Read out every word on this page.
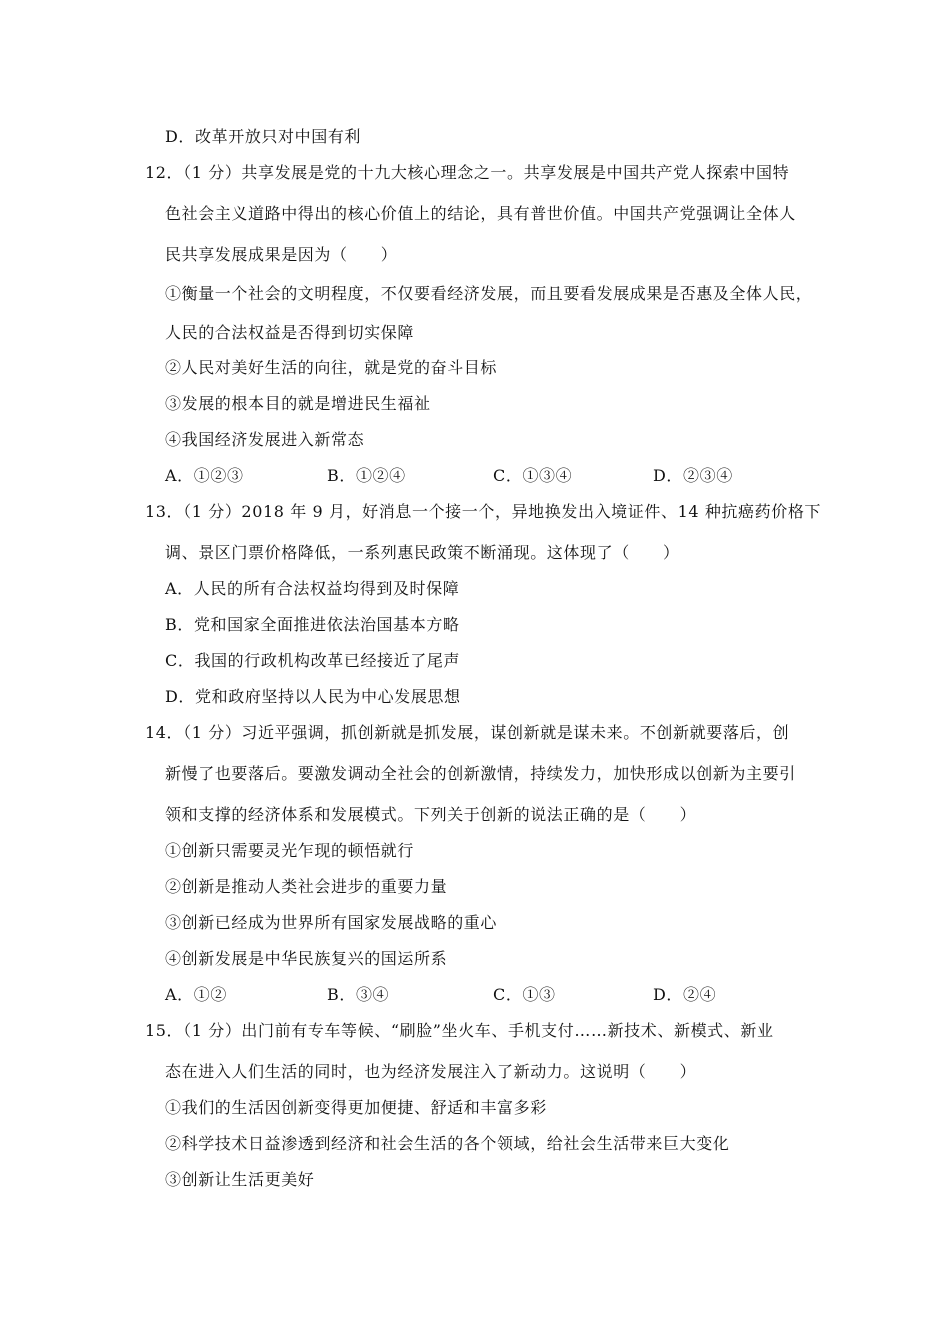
D．改革开放只对中国有利
12．（1 分）共享发展是党的十九大核心理念之一。共享发展是中国共产党人探索中国特
色社会主义道路中得出的核心价值上的结论，具有普世价值。中国共产党强调让全体人
民共享发展成果是因为（　　）
①衡量一个社会的文明程度，不仅要看经济发展，而且要看发展成果是否惠及全体人民，
人民的合法权益是否得到切实保障
②人民对美好生活的向往，就是党的奋斗目标
③发展的根本目的就是增进民生福祉
④我国经济发展进入新常态
A．①②③	B．①②④	C．①③④	D．②③④
13．（1 分）2018 年 9 月，好消息一个接一个，异地换发出入境证件、14 种抗癌药价格下
调、景区门票价格降低，一系列惠民政策不断涌现。这体现了（　　）
A．人民的所有合法权益均得到及时保障
B．党和国家全面推进依法治国基本方略
C．我国的行政机构改革已经接近了尾声
D．党和政府坚持以人民为中心发展思想
14．（1 分）习近平强调，抓创新就是抓发展，谋创新就是谋未来。不创新就要落后，创
新慢了也要落后。要激发调动全社会的创新激情，持续发力，加快形成以创新为主要引
领和支撑的经济体系和发展模式。下列关于创新的说法正确的是（　　）
①创新只需要灵光乍现的顿悟就行
②创新是推动人类社会进步的重要力量
③创新已经成为世界所有国家发展战略的重心
④创新发展是中华民族复兴的国运所系
A．①②	B．③④	C．①③	D．②④
15．（1 分）出门前有专车等候、“刷脸”坐火车、手机支付……新技术、新模式、新业
态在进入人们生活的同时，也为经济发展注入了新动力。这说明（　　）
①我们的生活因创新变得更加便捷、舒适和丰富多彩
②科学技术日益渗透到经济和社会生活的各个领域，给社会生活带来巨大变化
③创新让生活更美好
